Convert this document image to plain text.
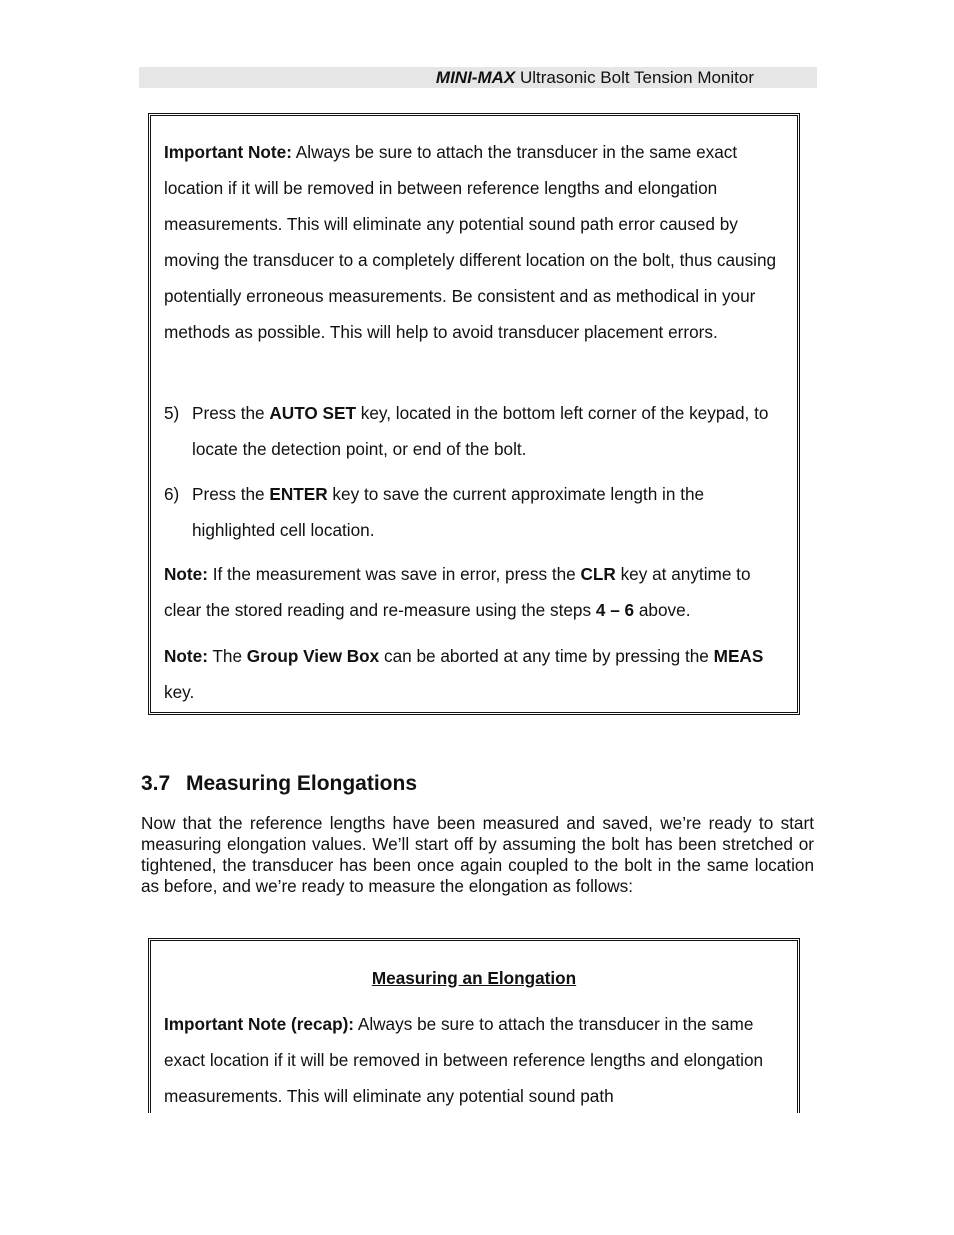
MINI-MAX Ultrasonic Bolt Tension Monitor

Important Note: Always be sure to attach the transducer in the same exact location if it will be removed in between reference lengths and elongation measurements. This will eliminate any potential sound path error caused by moving the transducer to a completely different location on the bolt, thus causing potentially erroneous measurements. Be consistent and as methodical in your methods as possible. This will help to avoid transducer placement errors.

5) Press the AUTO SET key, located in the bottom left corner of the keypad, to locate the detection point, or end of the bolt.

6) Press the ENTER key to save the current approximate length in the highlighted cell location.

Note: If the measurement was save in error, press the CLR key at anytime to clear the stored reading and re-measure using the steps 4 – 6 above.

Note: The Group View Box can be aborted at any time by pressing the MEAS key.

3.7 Measuring Elongations

Now that the reference lengths have been measured and saved, we’re ready to start measuring elongation values. We’ll start off by assuming the bolt has been stretched or tightened, the transducer has been once again coupled to the bolt in the same location as before, and we’re ready to measure the elongation as follows:

Measuring an Elongation

Important Note (recap): Always be sure to attach the transducer in the same exact location if it will be removed in between reference lengths and elongation measurements. This will eliminate any potential sound path
